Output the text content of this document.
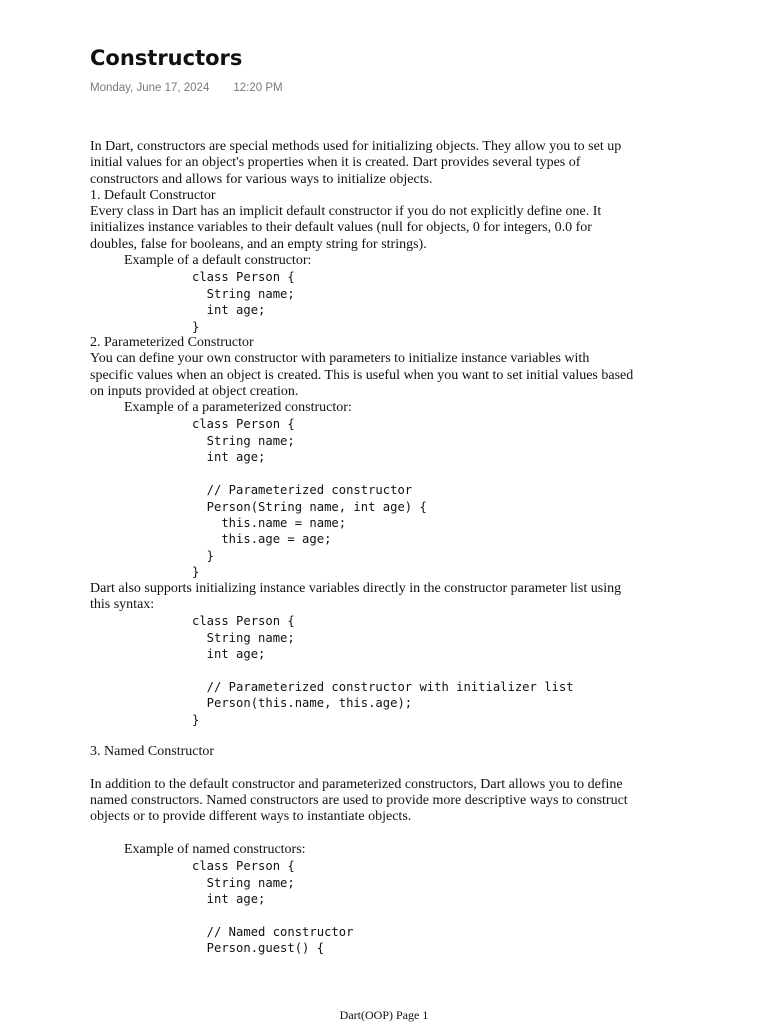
Constructors
Monday, June 17, 2024 12:20 PM

In Dart, constructors are special methods used for initializing objects. They allow you to set up
initial values for an object's properties when it is created. Dart provides several types of
constructors and allows for various ways to initialize objects.

1. Default Constructor

Every class in Dart has an implicit default constructor if you do not explicitly define one. It
initializes instance variables to their default values (null for objects, 0 for integers, 0.0 for
doubles, false for booleans, and an empty string for strings).

Example of a default constructor:

class Person {
String name;
int age;
}

2. Parameterized Constructor

You can define your own constructor with parameters to initialize instance variables with
specific values when an object is created. This is useful when you want to set initial values based
on inputs provided at object creation.

Example of a parameterized constructor:

class Person {
String name;
int age;

// Parameterized constructor
Person(String name, int age) {
this.name = name;
this.age = age;
}
}

Dart also supports initializing instance variables directly in the constructor parameter list using
this syntax:

class Person {
String name;
int age;

// Parameterized constructor with initializer list
Person(this.name, this.age);
}

3. Named Constructor

In addition to the default constructor and parameterized constructors, Dart allows you to define
named constructors. Named constructors are used to provide more descriptive ways to construct
objects or to provide different ways to instantiate objects.

Example of named constructors:

class Person {
String name;
int age;

// Named constructor
Person.guest() {
Dart(OOP) Page 1
